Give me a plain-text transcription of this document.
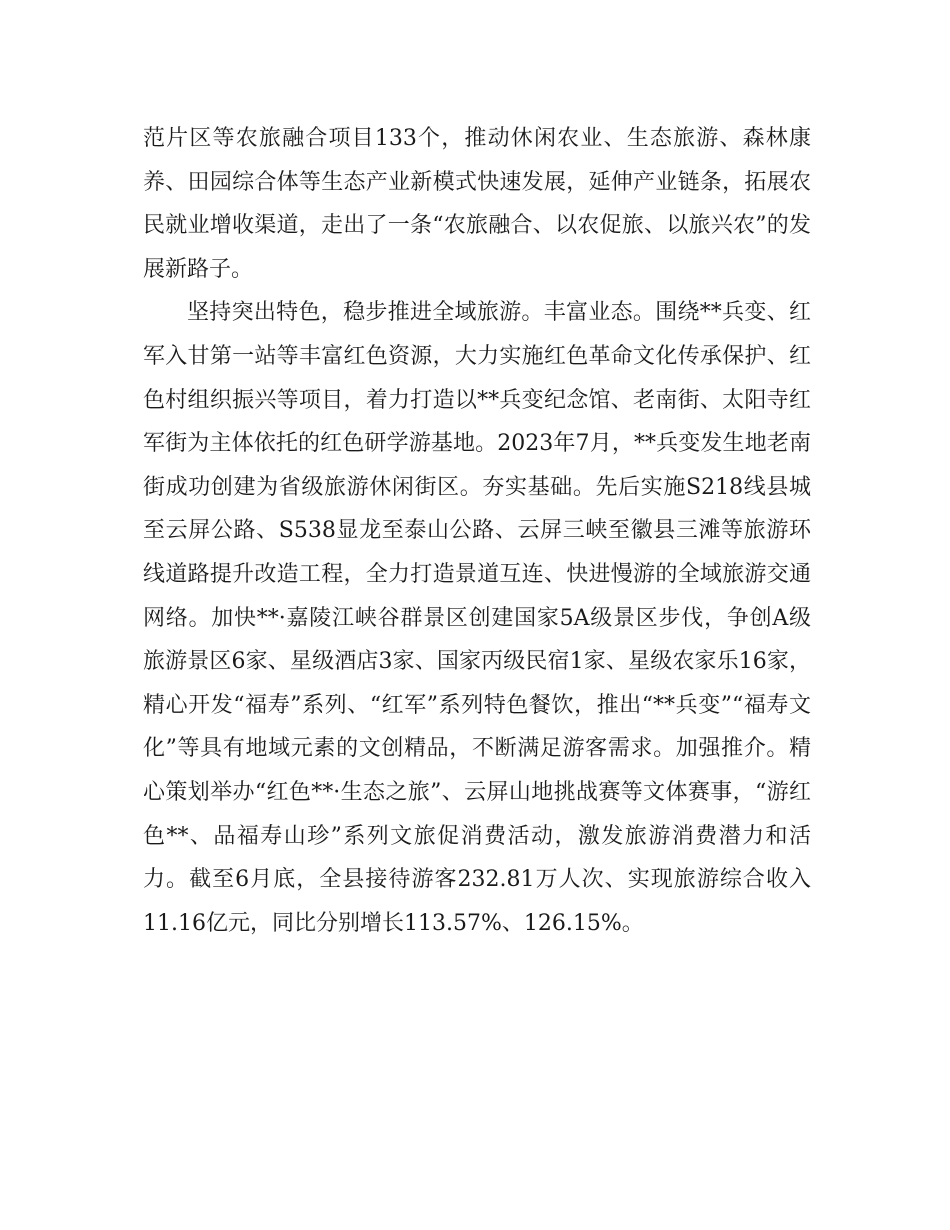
范片区等农旅融合项目133个，推动休闲农业、生态旅游、森林康养、田园综合体等生态产业新模式快速发展，延伸产业链条，拓展农民就业增收渠道，走出了一条“农旅融合、以农促旅、以旅兴农”的发展新路子。

坚持突出特色，稳步推进全域旅游。丰富业态。围绕**兵变、红军入甘第一站等丰富红色资源，大力实施红色革命文化传承保护、红色村组织振兴等项目，着力打造以**兵变纪念馆、老南街、太阳寺红军街为主体依托的红色研学游基地。2023年7月，**兵变发生地老南街成功创建为省级旅游休闲街区。夯实基础。先后实施S218线县城至云屏公路、S538显龙至泰山公路、云屏三峡至徽县三滩等旅游环线道路提升改造工程，全力打造景道互连、快进慢游的全域旅游交通网络。加快**·嘉陵江峡谷群景区创建国家5A级景区步伐，争创A级旅游景区6家、星级酒店3家、国家丙级民宿1家、星级农家乐16家，精心开发“福寿”系列、“红军”系列特色餐饮，推出“**兵变”“福寿文化”等具有地域元素的文创精品，不断满足游客需求。加强推介。精心策划举办“红色**·生态之旅”、云屏山地挑战赛等文体赛事，“游红色**、品福寿山珍”系列文旅促消费活动，激发旅游消费潜力和活力。截至6月底，全县接待游客232.81万人次、实现旅游综合收入11.16亿元，同比分别增长113.57%、126.15%。
